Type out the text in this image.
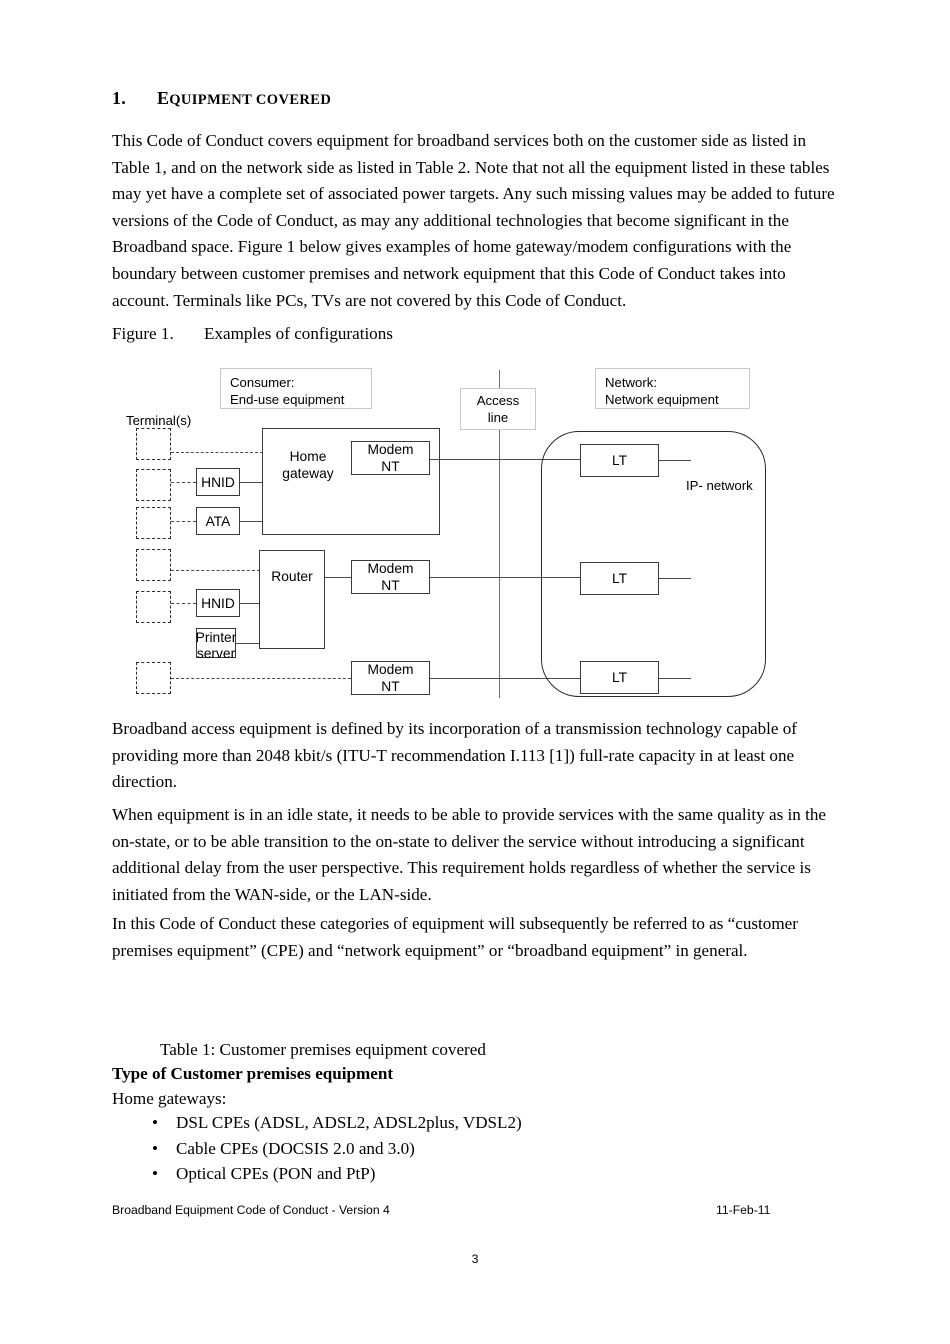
1. EQUIPMENT COVERED
This Code of Conduct covers equipment for broadband services both on the customer side as listed in Table 1, and on the network side as listed in Table 2. Note that not all the equipment listed in these tables may yet have a complete set of associated power targets. Any such missing values may be added to future versions of the Code of Conduct, as may any additional technologies that become significant in the Broadband space. Figure 1 below gives examples of home gateway/modem configurations with the boundary between customer premises and network equipment that this Code of Conduct takes into account. Terminals like PCs, TVs are not covered by this Code of Conduct.
Figure 1. Examples of configurations
Consumer:
End-use equipment
Network:
Network equipment
Access
line
Terminal(s)
HNID
ATA
Home
gateway
Modem
NT
HNID
Printer
server
Router
Modem
NT
Modem
NT
LT
LT
LT
IP- network
Broadband access equipment is defined by its incorporation of a transmission technology capable of providing more than 2048 kbit/s (ITU-T recommendation I.113 [1]) full-rate capacity in at least one direction.
When equipment is in an idle state, it needs to be able to provide services with the same quality as in the on-state, or to be able transition to the on-state to deliver the service without introducing a significant additional delay from the user perspective. This requirement holds regardless of whether the service is initiated from the WAN-side, or the LAN-side.
In this Code of Conduct these categories of equipment will subsequently be referred to as “customer premises equipment” (CPE) and “network equipment” or “broadband equipment” in general.
Table 1: Customer premises equipment covered
Type of Customer premises equipment
Home gateways:
• DSL CPEs (ADSL, ADSL2, ADSL2plus, VDSL2)
• Cable CPEs (DOCSIS 2.0 and 3.0)
• Optical CPEs (PON and PtP)
Broadband Equipment Code of Conduct - Version 4	11-Feb-11
3
